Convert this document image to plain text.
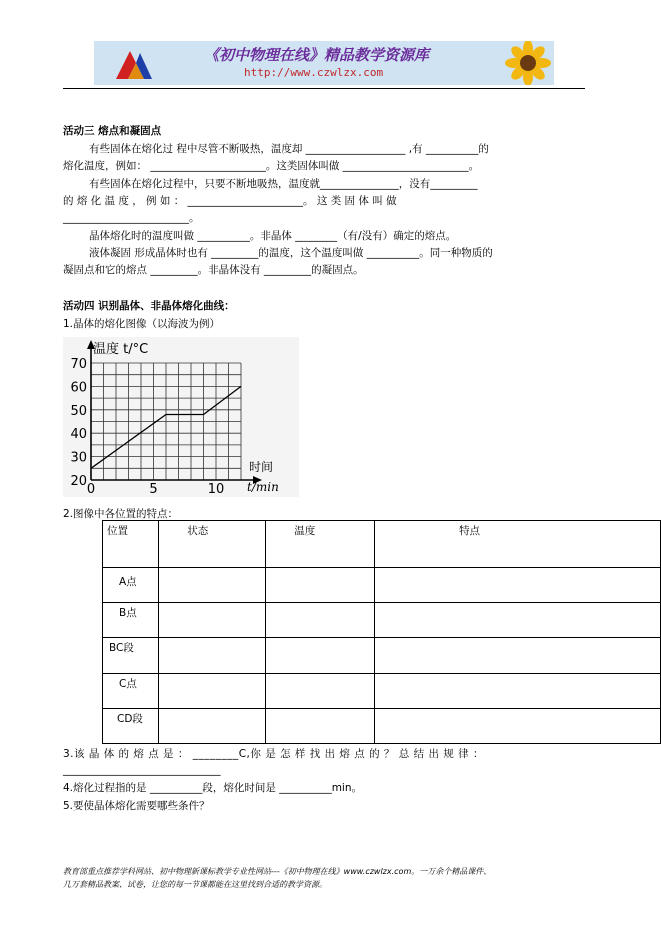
《初中物理在线》精品教学资源库
http://www.czwlzx.com
活动三 熔点和凝固点
有些固体在熔化过 程中尽管不断吸热，温度却 ___________________ ,有 __________的
熔化温度，例如： ______________________。这类固体叫做 ________________________。
有些固体在熔化过程中，只要不断地吸热，温度就_______________，没有_________
的 熔 化 温 度 ， 例 如 ： ______________________。 这 类 固 体 叫 做
________________________。
晶体熔化时的温度叫做 __________。非晶体 ________（有/没有）确定的熔点。
液体凝固 形成晶体时也有 _________的温度，这个温度叫做 __________。同一种物质的
凝固点和它的熔点 _________。非晶体没有 _________的凝固点。
活动四 识别晶体、非晶体熔化曲线：
1.晶体的熔化图像（以海波为例）
20
30
40
50
60
70
0	5	10
温度 t/°C
时间
t/min
2.图像中各位置的特点：
位置	状态	温度	特点
A点			
B点			
BC段			
C点			
CD段			
3.该 晶 体 的 熔 点 是 ： ________C,你 是 怎 样 找 出 熔 点 的 ？ 总 结 出 规 律 ：
______________________________
4.熔化过程指的是 __________段，熔化时间是 __________min。
5.要使晶体熔化需要哪些条件？
教育部重点推荐学科网站、初中物理新课标教学专业性网站---《初中物理在线》www.czwlzx.com。一万余个精品课件、
几万套精品教案、试卷，让您的每一节课都能在这里找到合适的教学资源。
